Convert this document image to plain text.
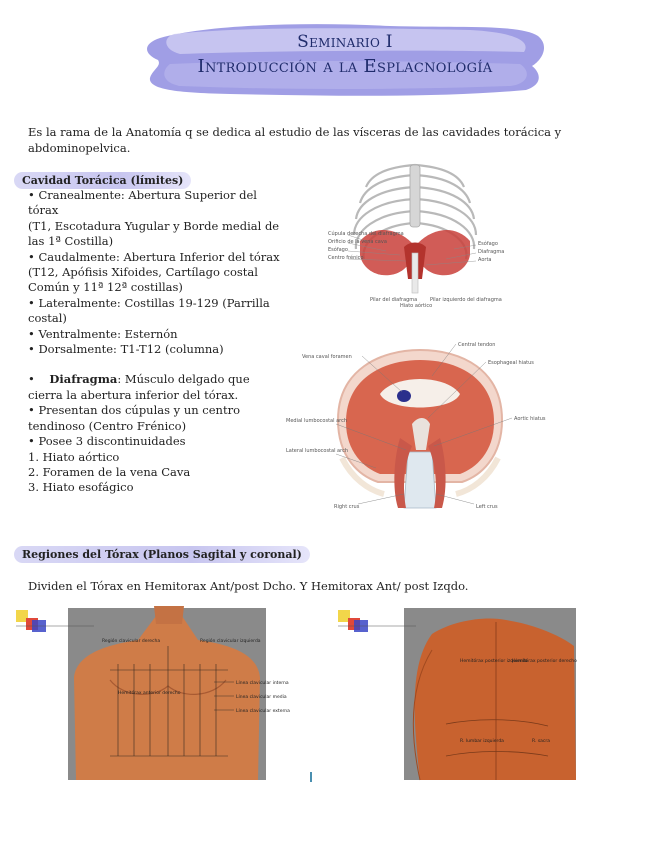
Seminario I
Introducción a la Esplacnología
Es la rama de la Anatomía q se dedica al estudio de las vísceras de las cavidades torácica y abdominopelvica.
Cavidad Torácica (límites)

• Cranealmente: Abertura Superior del tórax

(T1, Escotadura Yugular y Borde medial de las 1ª Costilla)

• Caudalmente: Abertura Inferior del tórax

(T12, Apófisis Xifoides, Cartílago costal Común y 11ª 12ª costillas)

• Lateralmente: Costillas 19-129 (Parrilla costal)

• Ventralmente: Esternón

• Dorsalmente: T1-T12 (columna)

•    Diafragma: Músculo delgado que cierra la abertura inferior del tórax.

• Presentan dos cúpulas y un centro tendinoso (Centro Frénico)

• Posee 3 discontinuidades

1. Hiato aórtico

2. Foramen de la vena Cava

3. Hiato esofágico

Cúpula derecha del diafragma
Orificio de la vena cava
Esófago
Centro frénico
Esófago
Diafragma
Aorta
Pilar del diafragma
Hiato aórtico
Pilar izquierdo del diafragma
Vena caval foramen
Central tendon
Esophageal hiatus
Medial lumbocostal arch
Lateral lumbocostal arch
Aortic hiatus
Right crus	Left crus
Regiones del Tórax (Planos Sagital y coronal)
Dividen el Tórax en Hemitorax Ant/post Dcho. Y Hemitorax Ant/ post Izqdo.
Región clavicular derecha	Región clavicular izquierda
Hemitórax anterior derecho
Línea clavicular interna
Línea clavicular media
Línea clavicular externa
Hemitórax posterior izquierdo
Hemitórax posterior derecho
R. lumbar izquierda	R. sacra
